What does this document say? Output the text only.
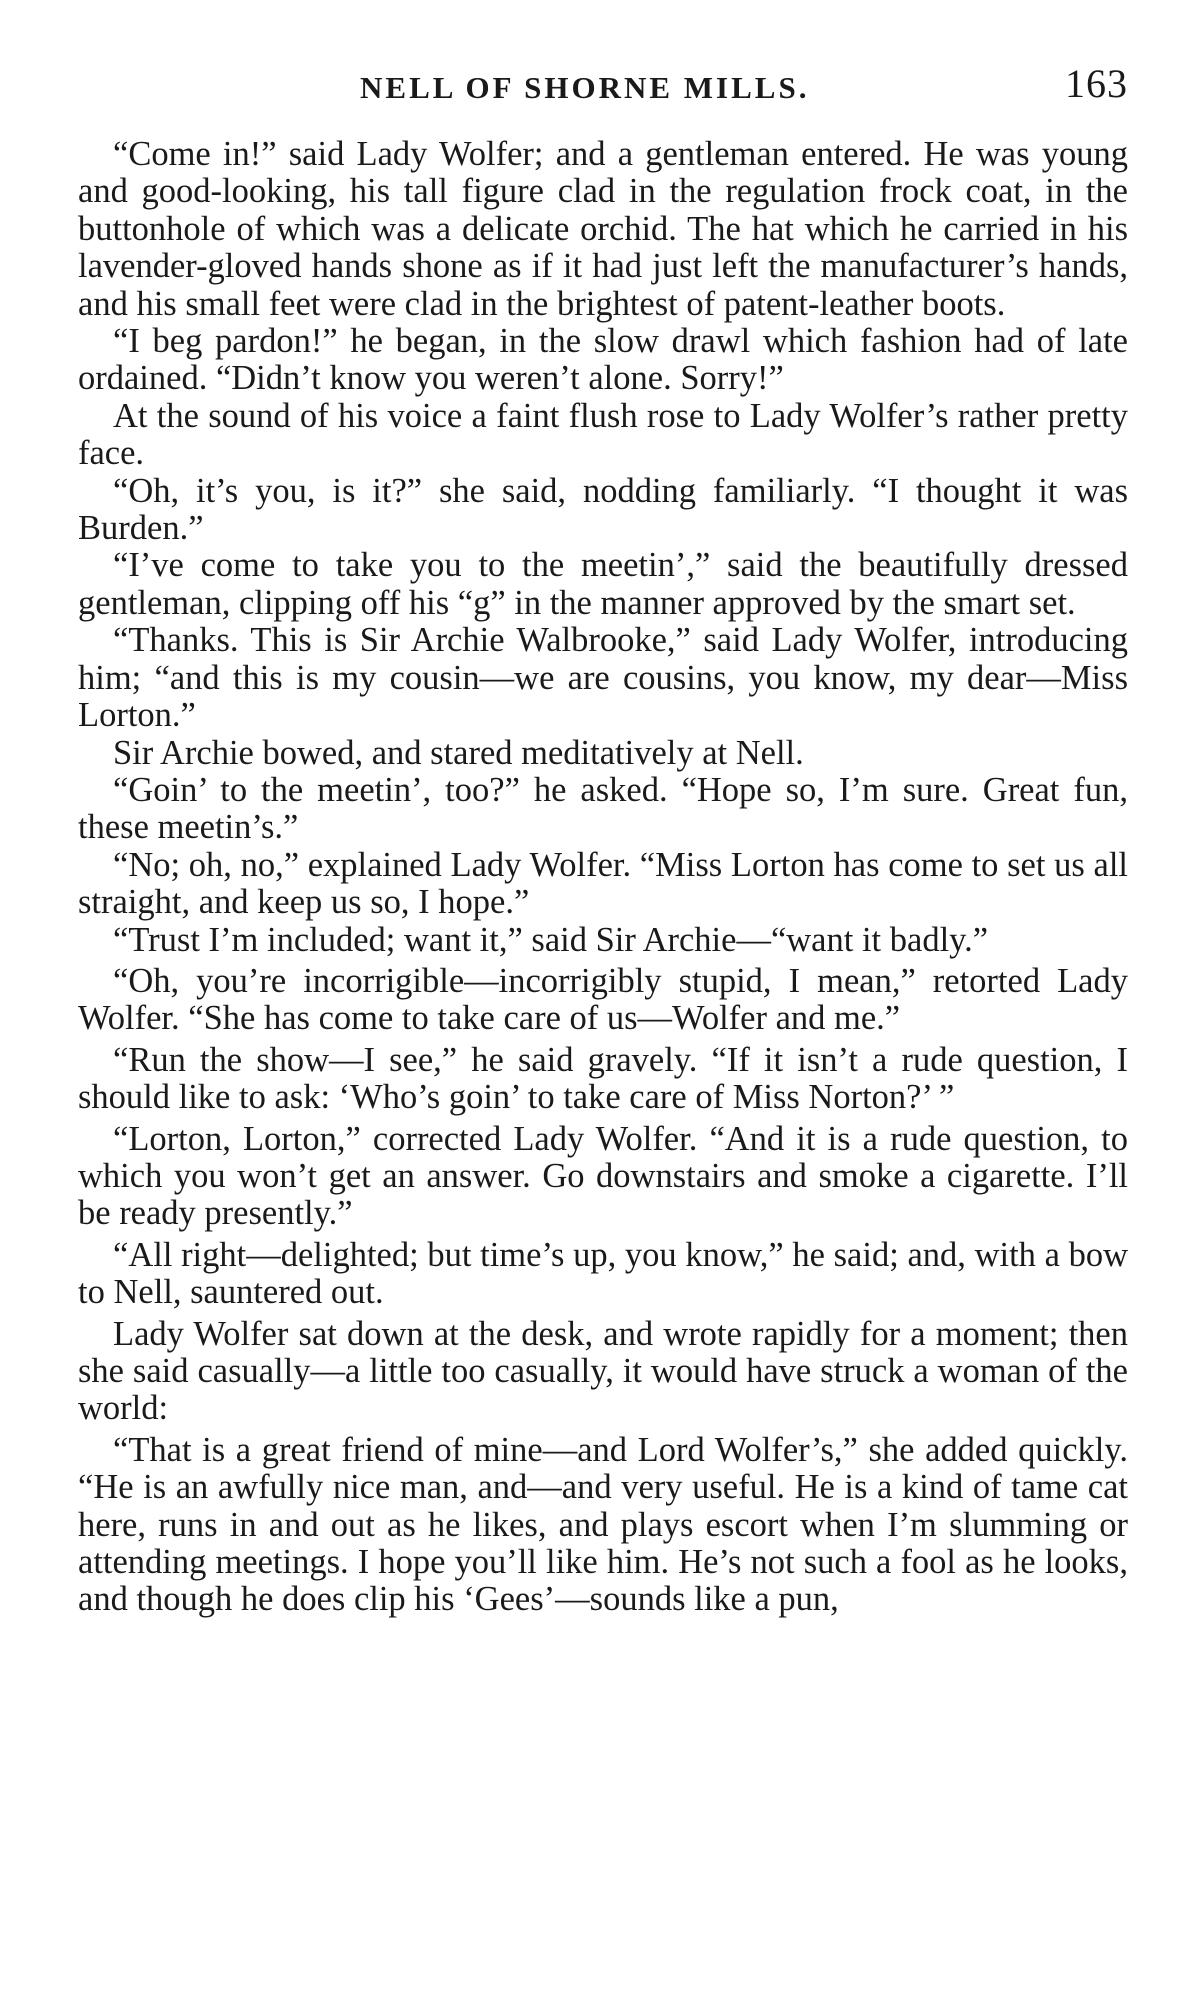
NELL OF SHORNE MILLS.	163

“Come in!” said Lady Wolfer; and a gentleman entered. He was young and good-looking, his tall figure clad in the regulation frock coat, in the buttonhole of which was a delicate orchid. The hat which he carried in his lavender-gloved hands shone as if it had just left the manufacturer’s hands, and his small feet were clad in the brightest of patent-leather boots.

“I beg pardon!” he began, in the slow drawl which fashion had of late ordained. “Didn’t know you weren’t alone. Sorry!”

At the sound of his voice a faint flush rose to Lady Wolfer’s rather pretty face.

“Oh, it’s you, is it?” she said, nodding familiarly. “I thought it was Burden.”

“I’ve come to take you to the meetin’,” said the beautifully dressed gentleman, clipping off his “g” in the manner approved by the smart set.

“Thanks. This is Sir Archie Walbrooke,” said Lady Wolfer, introducing him; “and this is my cousin—we are cousins, you know, my dear—Miss Lorton.”

Sir Archie bowed, and stared meditatively at Nell.

“Goin’ to the meetin’, too?” he asked. “Hope so, I’m sure. Great fun, these meetin’s.”

“No; oh, no,” explained Lady Wolfer. “Miss Lorton has come to set us all straight, and keep us so, I hope.”

“Trust I’m included; want it,” said Sir Archie—“want it badly.”

“Oh, you’re incorrigible—incorrigibly stupid, I mean,” retorted Lady Wolfer. “She has come to take care of us—Wolfer and me.”

“Run the show—I see,” he said gravely. “If it isn’t a rude question, I should like to ask: ‘Who’s goin’ to take care of Miss Norton?’ ”

“Lorton, Lorton,” corrected Lady Wolfer. “And it is a rude question, to which you won’t get an answer. Go downstairs and smoke a cigarette. I’ll be ready presently.”

“All right—delighted; but time’s up, you know,” he said; and, with a bow to Nell, sauntered out.

Lady Wolfer sat down at the desk, and wrote rapidly for a moment; then she said casually—a little too casually, it would have struck a woman of the world:

“That is a great friend of mine—and Lord Wolfer’s,” she added quickly. “He is an awfully nice man, and—and very useful. He is a kind of tame cat here, runs in and out as he likes, and plays escort when I’m slumming or attending meetings. I hope you’ll like him. He’s not such a fool as he looks, and though he does clip his ‘Gees’—sounds like a pun,
